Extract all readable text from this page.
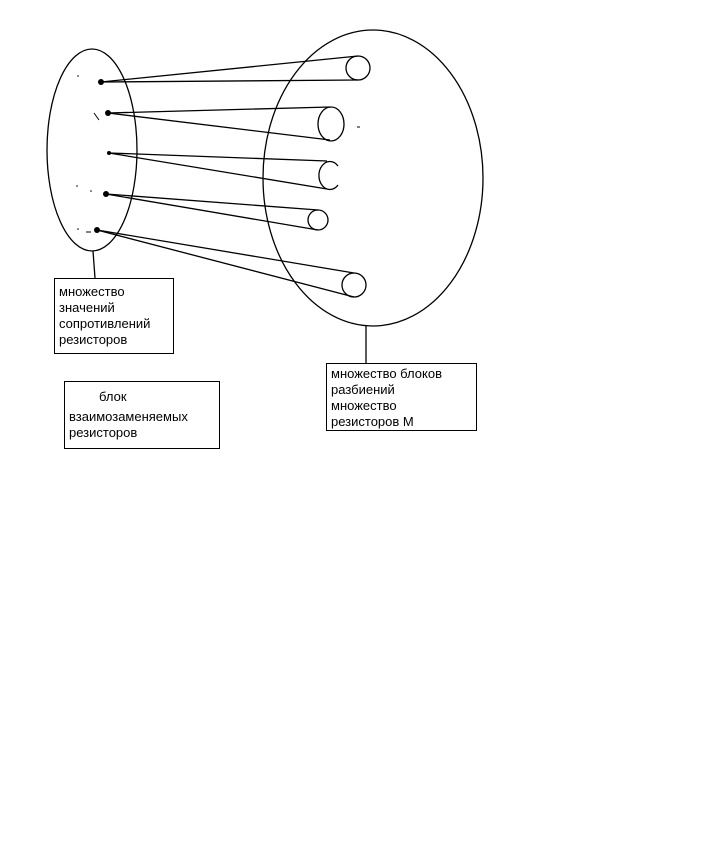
множество
значений
сопротивлений
резисторов
множество блоков
разбиений
множество
резисторов M
блок
взаимозаменяемых
резисторов
